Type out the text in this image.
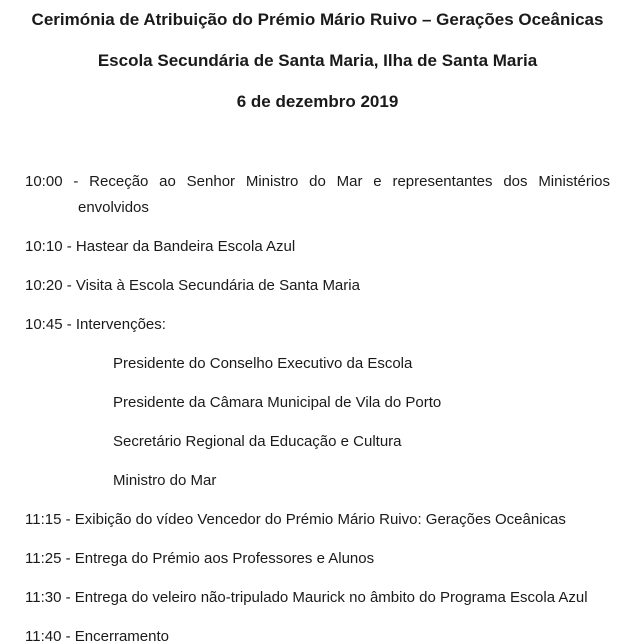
Cerimónia de Atribuição do Prémio Mário Ruivo – Gerações Oceânicas
Escola Secundária de Santa Maria, Ilha de Santa Maria
6 de dezembro 2019
10:00 - Receção ao Senhor Ministro do Mar e representantes dos Ministérios
envolvidos
10:10 - Hastear da Bandeira Escola Azul
10:20 - Visita à Escola Secundária de Santa Maria
10:45 - Intervenções:
Presidente do Conselho Executivo da Escola
Presidente da Câmara Municipal de Vila do Porto
Secretário Regional da Educação e Cultura
Ministro do Mar
11:15 - Exibição do vídeo Vencedor do Prémio Mário Ruivo: Gerações Oceânicas
11:25 - Entrega do Prémio aos Professores e Alunos
11:30 - Entrega do veleiro não-tripulado Maurick no âmbito do Programa Escola Azul
11:40 - Encerramento
